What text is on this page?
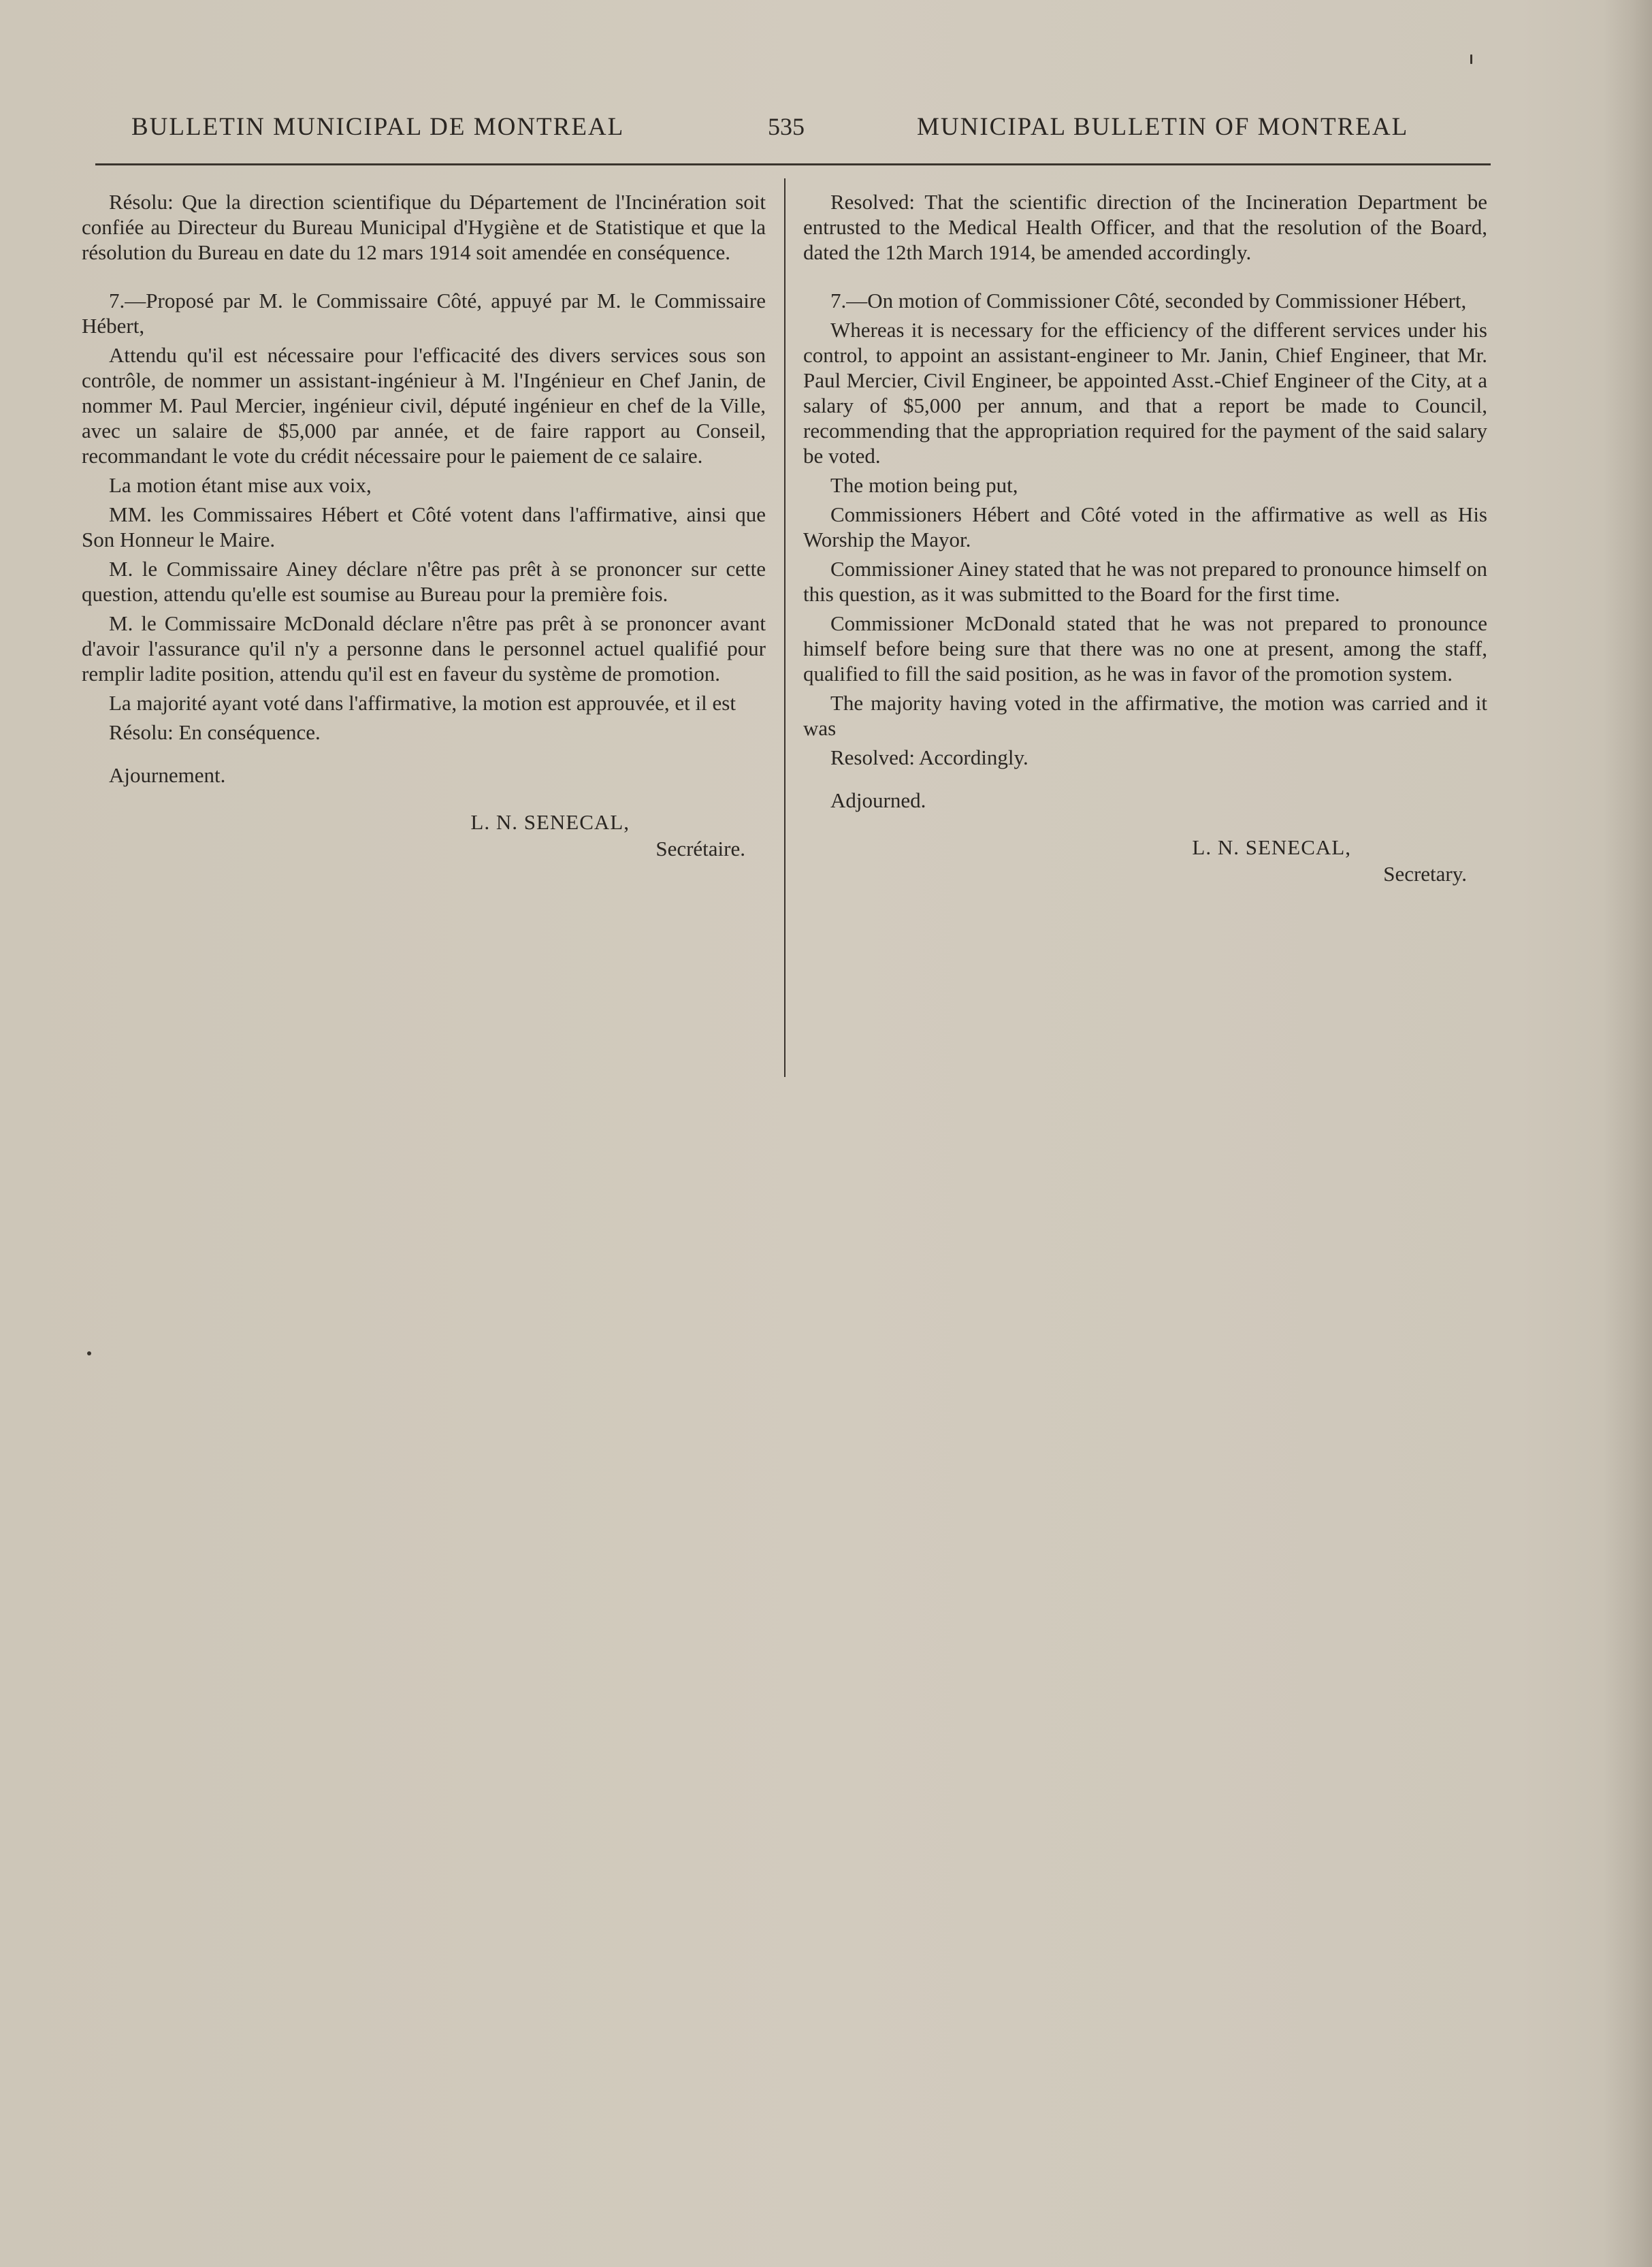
BULLETIN MUNICIPAL DE MONTREAL	535	MUNICIPAL BULLETIN OF MONTREAL

Résolu: Que la direction scientifique du Département de l'Incinération soit confiée au Directeur du Bureau Municipal d'Hygiène et de Statistique et que la résolution du Bureau en date du 12 mars 1914 soit amendée en conséquence.

7.—Proposé par M. le Commissaire Côté, appuyé par M. le Commissaire Hébert,

Attendu qu'il est nécessaire pour l'efficacité des divers services sous son contrôle, de nommer un assistant-ingénieur à M. l'Ingénieur en Chef Janin, de nommer M. Paul Mercier, ingénieur civil, député ingénieur en chef de la Ville, avec un salaire de $5,000 par année, et de faire rapport au Conseil, recommandant le vote du crédit nécessaire pour le paiement de ce salaire.

La motion étant mise aux voix,

MM. les Commissaires Hébert et Côté votent dans l'affirmative, ainsi que Son Honneur le Maire.

M. le Commissaire Ainey déclare n'être pas prêt à se prononcer sur cette question, attendu qu'elle est soumise au Bureau pour la première fois.

M. le Commissaire McDonald déclare n'être pas prêt à se prononcer avant d'avoir l'assurance qu'il n'y a personne dans le personnel actuel qualifié pour remplir ladite position, attendu qu'il est en faveur du système de promotion.

La majorité ayant voté dans l'affirmative, la motion est approuvée, et il est

Résolu: En conséquence.

Ajournement.

L. N. SENECAL,
Secrétaire.

Resolved: That the scientific direction of the Incineration Department be entrusted to the Medical Health Officer, and that the resolution of the Board, dated the 12th March 1914, be amended accordingly.

7.—On motion of Commissioner Côté, seconded by Commissioner Hébert,

Whereas it is necessary for the efficiency of the different services under his control, to appoint an assistant-engineer to Mr. Janin, Chief Engineer, that Mr. Paul Mercier, Civil Engineer, be appointed Asst.-Chief Engineer of the City, at a salary of $5,000 per annum, and that a report be made to Council, recommending that the appropriation required for the payment of the said salary be voted.

The motion being put,

Commissioners Hébert and Côté voted in the affirmative as well as His Worship the Mayor.

Commissioner Ainey stated that he was not prepared to pronounce himself on this question, as it was submitted to the Board for the first time.

Commissioner McDonald stated that he was not prepared to pronounce himself before being sure that there was no one at present, among the staff, qualified to fill the said position, as he was in favor of the promotion system.

The majority having voted in the affirmative, the motion was carried and it was

Resolved: Accordingly.

Adjourned.

L. N. SENECAL,
Secretary.
